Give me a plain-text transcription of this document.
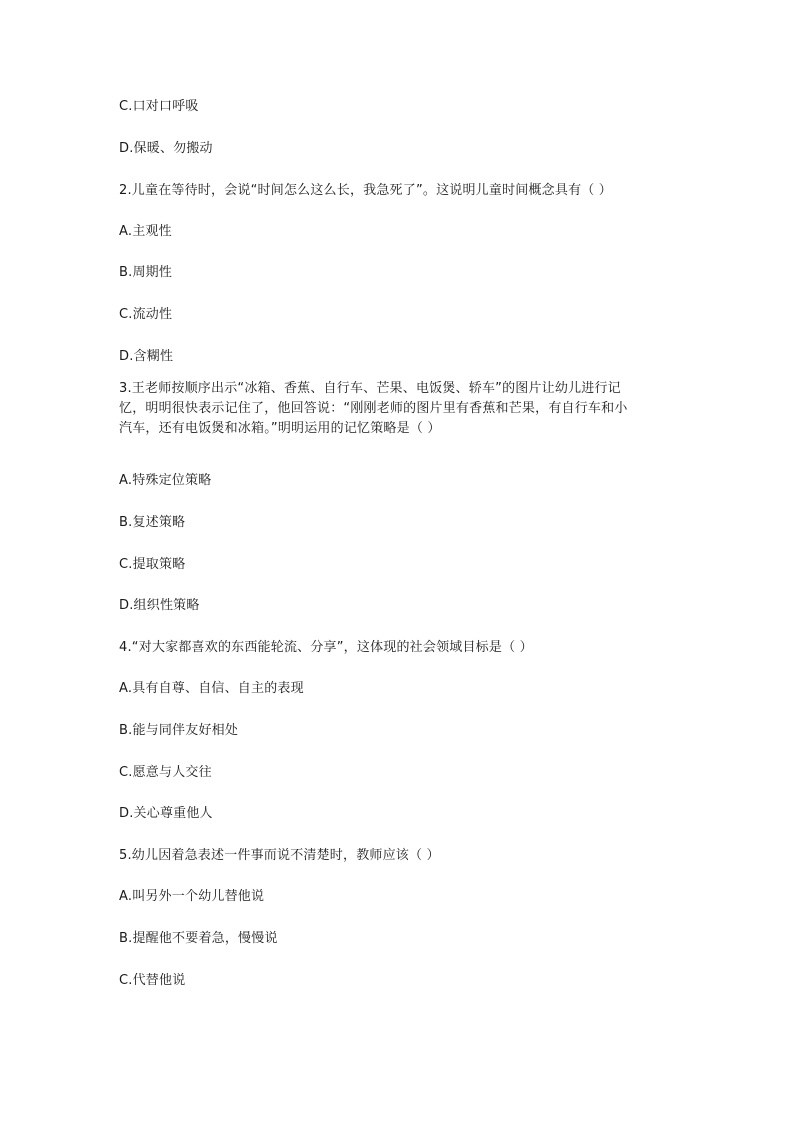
C.口对口呼吸
D.保暖、勿搬动
2.儿童在等待时，会说“时间怎么这么长，我急死了”。这说明儿童时间概念具有（ ）
A.主观性
B.周期性
C.流动性
D.含糊性
3.王老师按顺序出示“冰箱、香蕉、自行车、芒果、电饭煲、轿车”的图片让幼儿进行记
忆，明明很快表示记住了，他回答说：“刚刚老师的图片里有香蕉和芒果，有自行车和小
汽车，还有电饭煲和冰箱。”明明运用的记忆策略是（ ）
A.特殊定位策略
B.复述策略
C.提取策略
D.组织性策略
4.“对大家都喜欢的东西能轮流、分享”，这体现的社会领域目标是（ ）
A.具有自尊、自信、自主的表现
B.能与同伴友好相处
C.愿意与人交往
D.关心尊重他人
5.幼儿因着急表述一件事而说不清楚时，教师应该（ ）
A.叫另外一个幼儿替他说
B.提醒他不要着急，慢慢说
C.代替他说
